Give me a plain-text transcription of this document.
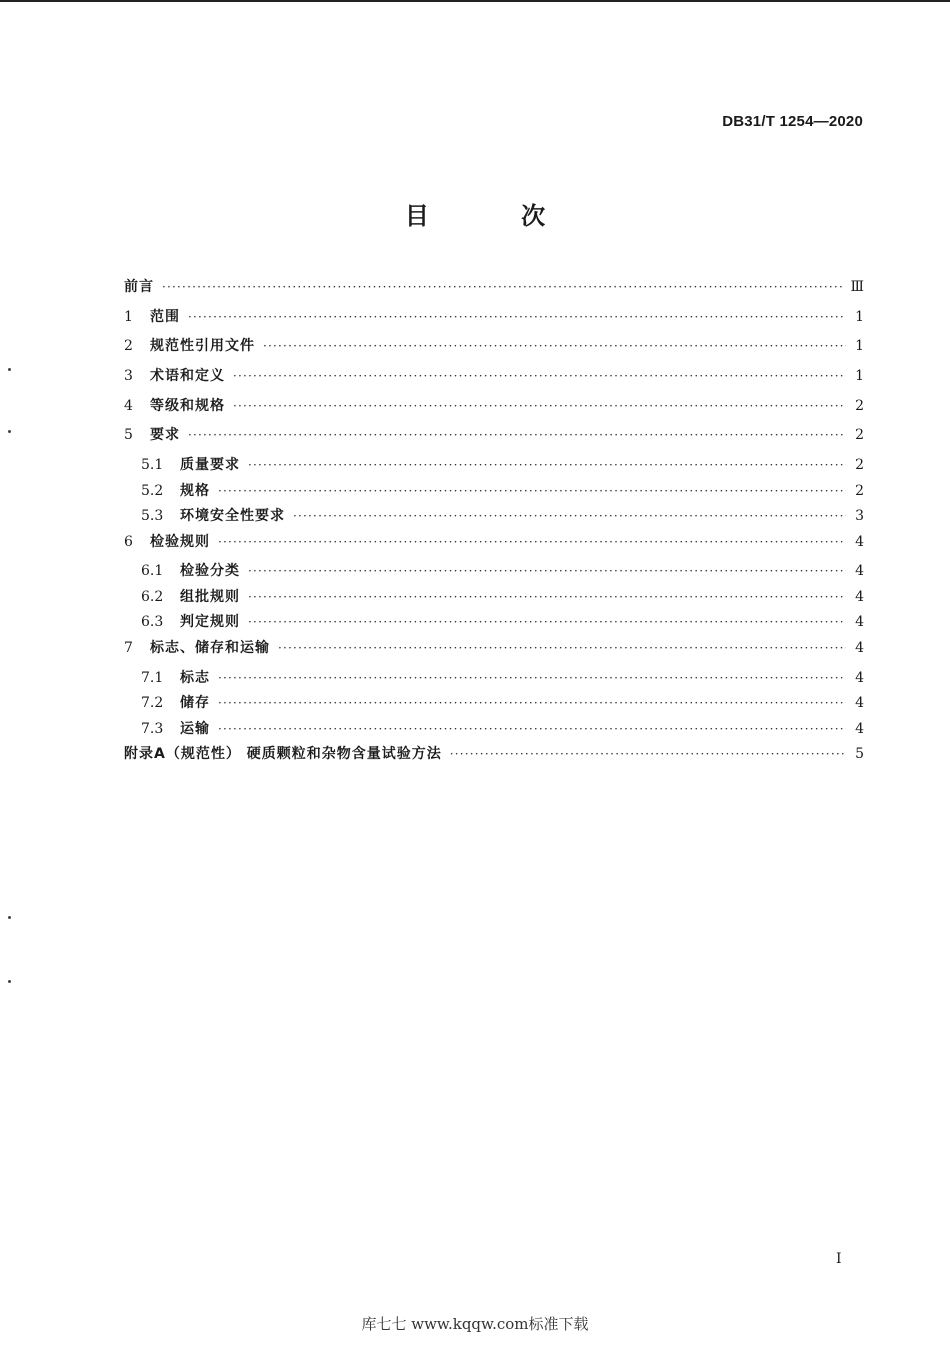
DB31/T 1254—2020
目 次
前言 ·····	Ⅲ
1	范围 ·····	1
2	规范性引用文件 ·····	1
3	术语和定义 ·····	1
4	等级和规格 ·····	2
5	要求 ·····	2
5.1	质量要求 ·····	2
5.2	规格 ·····	2
5.3	环境安全性要求 ·····	3
6	检验规则 ·····	4
6.1	检验分类 ·····	4
6.2	组批规则 ·····	4
6.3	判定规则 ·····	4
7	标志、储存和运输 ·····	4
7.1	标志 ·····	4
7.2	储存 ·····	4
7.3	运输 ·····	4
附录A（规范性） 硬质颗粒和杂物含量试验方法 ·····	5
I
库七七 www.kqqw.com标准下载
